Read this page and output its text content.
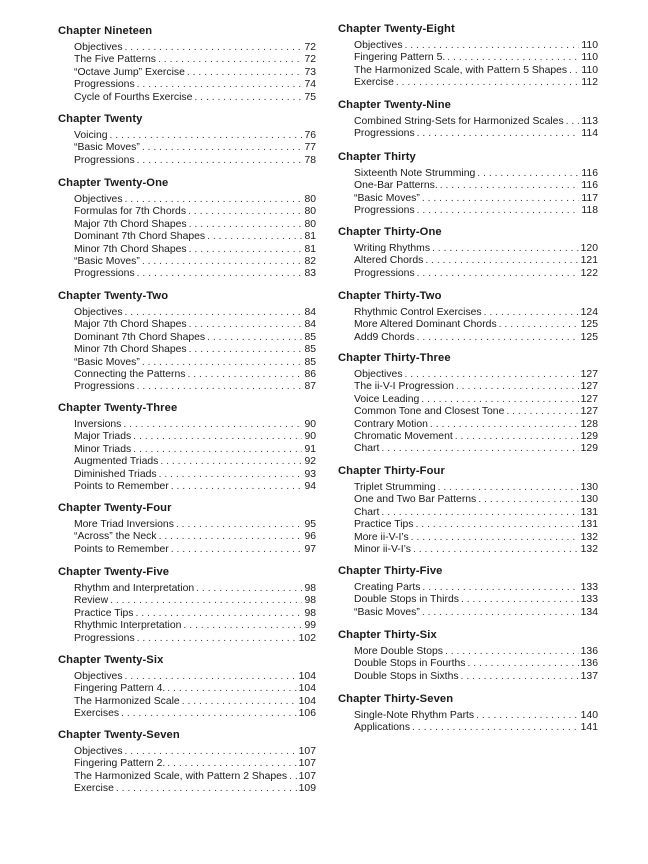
Chapter Nineteen
Objectives . . .	72
The Five Patterns . . .	72
“Octave Jump” Exercise . . .	73
Progressions . . .	74
Cycle of Fourths Exercise . . .	75
Chapter Twenty
Voicing . . .	76
“Basic Moves” . . .	77
Progressions . . .	78
Chapter Twenty-One
Objectives . . .	80
Formulas for 7th Chords . . .	80
Major 7th Chord Shapes . . .	80
Dominant 7th Chord Shapes . . .	81
Minor 7th Chord Shapes . . .	81
“Basic Moves” . . .	82
Progressions . . .	83
Chapter Twenty-Two
Objectives . . .	84
Major 7th Chord Shapes . . .	84
Dominant 7th Chord Shapes . . .	85
Minor 7th Chord Shapes . . .	85
“Basic Moves” . . .	85
Connecting the Patterns . . .	86
Progressions . . .	87
Chapter Twenty-Three
Inversions . . .	90
Major Triads . . .	90
Minor Triads . . .	91
Augmented Triads . . .	92
Diminished Triads . . .	93
Points to Remember . . .	94
Chapter Twenty-Four
More Triad Inversions . . .	95
“Across” the Neck . . .	96
Points to Remember . . .	97
Chapter Twenty-Five
Rhythm and Interpretation . . .	98
Review . . .	98
Practice Tips . . .	98
Rhythmic Interpretation . . .	99
Progressions . . .	102
Chapter Twenty-Six
Objectives . . .	104
Fingering Pattern 4. . . .	104
The Harmonized Scale . . .	104
Exercises . . .	106
Chapter Twenty-Seven
Objectives . . .	107
Fingering Pattern 2. . . .	107
The Harmonized Scale, with Pattern 2 Shapes . . . 107
Exercise . . .	109
Chapter Twenty-Eight
Objectives . . .	110
Fingering Pattern 5. . . .	110
The Harmonized Scale, with Pattern 5 Shapes . . . 110
Exercise . . .	112
Chapter Twenty-Nine
Combined String-Sets for Harmonized Scales . . . 113
Progressions . . .	114
Chapter Thirty
Sixteenth Note Strumming . . .	116
One-Bar Patterns. . . .	116
“Basic Moves” . . .	117
Progressions . . .	118
Chapter Thirty-One
Writing Rhythms . . .	120
Altered Chords . . .	121
Progressions . . .	122
Chapter Thirty-Two
Rhythmic Control Exercises . . .	124
More Altered Dominant Chords . . .	125
Add9 Chords . . .	125
Chapter Thirty-Three
Objectives . . .	127
The ii-V-I Progression . . .	127
Voice Leading . . .	127
Common Tone and Closest Tone . . .	127
Contrary Motion . . .	128
Chromatic Movement . . .	129
Chart . . .	129
Chapter Thirty-Four
Triplet Strumming . . .	130
One and Two Bar Patterns . . .	130
Chart . . .	131
Practice Tips . . .	131
More ii-V-I’s . . .	132
Minor ii-V-I’s . . .	132
Chapter Thirty-Five
Creating Parts . . .	133
Double Stops in Thirds . . .	133
“Basic Moves” . . .	134
Chapter Thirty-Six
More Double Stops . . .	136
Double Stops in Fourths . . .	136
Double Stops in Sixths . . .	137
Chapter Thirty-Seven
Single-Note Rhythm Parts . . .	140
Applications . . .	141
